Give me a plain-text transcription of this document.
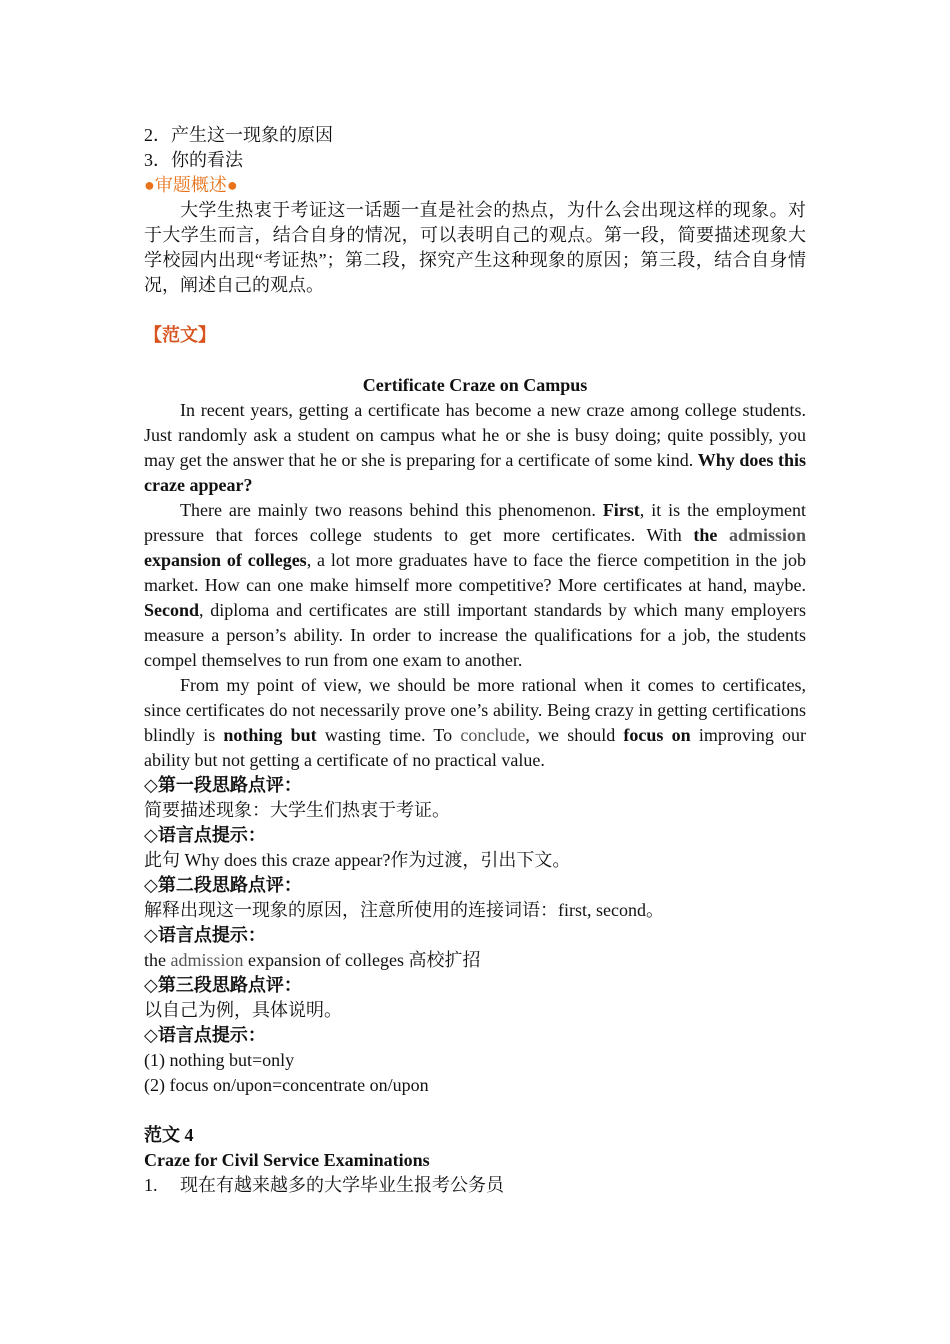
2．产生这一现象的原因

3．你的看法

●审题概述●

大学生热衷于考证这一话题一直是社会的热点，为什么会出现这样的现象。对于大学生而言，结合自身的情况，可以表明自己的观点。第一段，简要描述现象大学校园内出现“考证热”；第二段，探究产生这种现象的原因；第三段，结合自身情况，阐述自己的观点。

【范文】

Certificate Craze on Campus

In recent years, getting a certificate has become a new craze among college students. Just randomly ask a student on campus what he or she is busy doing; quite possibly, you may get the answer that he or she is preparing for a certificate of some kind. Why does this craze appear?

There are mainly two reasons behind this phenomenon. First, it is the employment pressure that forces college students to get more certificates. With the admission expansion of colleges, a lot more graduates have to face the fierce competition in the job market. How can one make himself more competitive? More certificates at hand, maybe. Second, diploma and certificates are still important standards by which many employers measure a person’s ability. In order to increase the qualifications for a job, the students compel themselves to run from one exam to another.

From my point of view, we should be more rational when it comes to certificates, since certificates do not necessarily prove one’s ability. Being crazy in getting certifications blindly is nothing but wasting time. To conclude, we should focus on improving our ability but not getting a certificate of no practical value.

◇第一段思路点评：

简要描述现象：大学生们热衷于考证。

◇语言点提示：

此句 Why does this craze appear?作为过渡，引出下文。

◇第二段思路点评：

解释出现这一现象的原因，注意所使用的连接词语：first, second。

◇语言点提示：

the admission expansion of colleges 高校扩招

◇第三段思路点评：

以自己为例，具体说明。

◇语言点提示：

(1) nothing but=only

(2) focus on/upon=concentrate on/upon

范文 4

Craze for Civil Service Examinations

1. 现在有越来越多的大学毕业生报考公务员
